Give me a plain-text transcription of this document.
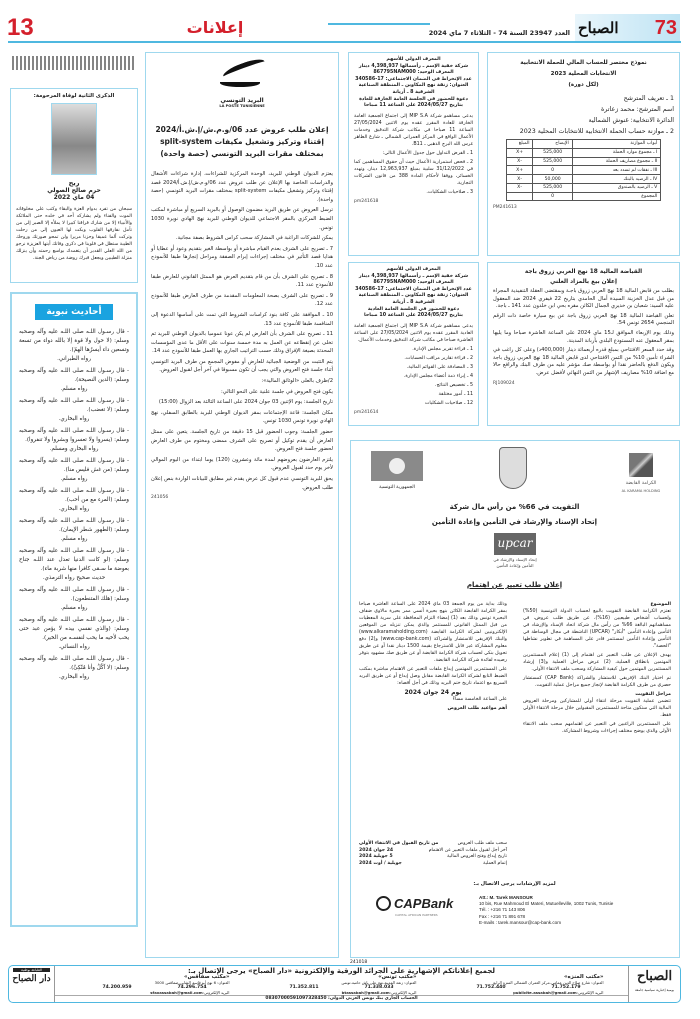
73
الصباح
العدد 23947 السنة 74 - الثلاثاء 7 ماي 2024
إعلانات
13
نموذج مختصر للحساب المالي للحملة الانتخابية
الانتخابات المحلية 2023
(لكل دورة)
1 ـ تعريف المترشح
اسم المترشح: محمد زعاترة
الدائرة الانتخابية: غنوش الشمالية
2 ـ موازنة حساب الحملة الانتخابية للانتخابات المحلية 2023
أبواب الموازنة	الإيضاح	المبلغ
I ـ مجموع موارد الحملة	525,000	+X
II ـ مجموع مصاريف الحملة	525,000	-X
III ـ نفقات لم تسدد بعد	0	+X
IV ـ الرصيد بالبنك	50,000	-X
V ـ الرصيد بالصندوق	525,000	-X
المجموع	0	
PM241613
القباضة المالية 18 نهج العربي زروق باجة
إعلان بيع بالمزاد العلني

بطلب من قابض المالية 18 نهج العربي زروق باجـة وبمقتضى العقلة التنفيذية المجراة من قبل عدل الخزينة السيدة أمال الحامدي بتاريخ 22 فيفري 2024 ضد المعقول عليه السيد: شعبان بن خذيري الجمال الكائن مقره بحي ابن خلدون عدد 141 ـ باجة.

تعلن القباضة المالية 18 نهج العربي زروق باجة عن بيع سيارة خاصة ذات الرقم المنجمي 2654 تونس 54.

وذلك يوم الإربعاء الموافق لـ15 ماي 2024 على الساعة العاشرة صباحا وما يليها بمقر المعقول عنه المستودع البلدي بأربانة المدينة.

وقد حدد السعر الافتتاحي بمبلغ قدره أربعمائة دينار (400,000د) وعلى كل راغب في الشراء تأمين 10% من الثمن الافتتاحي لدى قابض المالية 18 نهج العربي زروق باجة ويكون الدفع بالحاضر نقدا أو بواسطة صك مؤشر عليه من طرف البنك والرافع حالا مع اضافة 10% مصاريف الإشهار من الثمن النهائي لأفضل عرض.

RJ109024

المعرف الدولي للأسهم

شركة خفية الإسم ـ رأسمالها 4,398,937 دينار

المعرف الوحيد: 867795NAM000

عدد الإنخراط في الضمان الاجتماعي: 17-340586

العنوان: زنقة نهج المكاوين ـ المنطقة الصناعية الشرقية 8 ـ أريانة

دعوة للحضور في الجلسة العامة الخارقة للعادة

بتاريخ 2024/05/27 على الساعة 11 صباحا

يدعى مساهمو شركة MIP S.A إلى اجتماع الجمعية العامة الخارقة للعادة المقرر عقده يوم الاثنين 27/05/2024 الساعة 11 صباحا في مكاتب شركة التدقيق وخدمات الأعمال الواقع في المركز العمراني الشمالي ـ شارع الطاهر غرس الله البرج الذهبي ـ B11.

1 ـ الفرض التداول حول جدول الأعمال التالي:

2 ـ فحص استمرارية الأعمال حيث أن حقوق المساهمين كما في 31/12/2022 سلبية بمبلغ 12,963,937 دينار، وتهدد الخسائر، ووفقا لأحكام المادة 388 من قانون الشركات التجارية.

3 ـ صلاحيات الشكليات.

pm241618

المعرف الدولي للأسهم

شركة خفية الإسم ـ رأسمالها 4,398,937 دينار

المعرف الوحيد: 867795NAM000

عدد الإنخراط في الضمان الاجتماعي: 17-340586

العنوان: زنقة نهج المكاوين ـ المنطقة الصناعية الشرقية 8 ـ أريانة

دعوة للحضور في الجلسة العامة العادية

بتاريخ 2024/05/27 على الساعة 10 صباحا

يدعى مساهمو شركة MIP S.A إلى اجتماع الجمعية العامة العادية المقرر عقده يوم الاثنين 27/05/2024 على الساعة العاشرة صباحا في مكاتب شركة التدقيق وخدمات الأعمال.

1 ـ قراءة تقرير مجلس الإدارة.

2 ـ قراءة تقارير مراقب الحسابات.

3 ـ المصادقة على القوائم المالية.

4 ـ إبراء ذمة أعضاء مجلس الإدارة.

5 ـ تخصيص النتائج.

11 ـ أمور مختلفة

12 ـ صلاحيات الشكليات

pm241614
الجمهورية التونسية
الكرامة القابضة
AL KARAMA HOLDING
التفويت في 66% من رأس مال شركة
إتحاد الإسناد والإرشاد في التأمين وإعادة التأمين
upcar
إتحاد الإسناد والإرشاد في التأمين وإعادة التأمين
إعلان طلب تعبير عن اهتمام
الموضوع

تعتزم الكرامة القابضة التفويت بالبيع لحساب الدولة التونسية (50%) ولحساب أشخاص طبيعيين (16%)، عن طريق طلب عروض، في مساهماتهم البالغة 66% من رأس مال شركة اتحاد الإسناد والإرشاد في التأمين وإعادة التأمين "أبكار" (UPCAR) الناشطة في مجال الوساطة في التأمين وإعادة التأمين لمستثمر قادر على المساهمة في تطوير نشاطها "الحصة".

يهدف الإعلان عن طلب التعبير عن اهتمام إلى (1) إعلام المستثمرين المهتمين بانطلاق العملية، (2) عرض مراحل العملية و(3) إرشاد المستثمرين المهتمين حول كيفية المشاركة وسحب ملف الانتقاء الأولي.

تم اختيار البنك الإفريقي للاستشار والشراكة (CAP Bank) كمستشار حصري من طرف الكرامة القابضة لإنجاز جميع مراحل عملية التفويت.

مراحل التفويت

تتضمن عملية التفويت مرحلة انتقاء أولي للمشاركين ومرحلة العروض المالية التي ستكون متاحة للمستثمرين المقبولين خلال مرحلة الانتقاء الأولي فقط.

على المستثمرين الراغبين في التعبير عن اهتمامهم سحب ملف الانتقاء الأولي والذي يوضح مختلف إجراءات وشروط المشاركة.

وذلك بداية من يوم الجمعة 03 ماي 2024 على الساعة العاشرة صباحا بمقر الكرامة القابضة الكائن بنهج بحيرة أنسي ممر بحيرة مالاوي ضفاف البحيرة تونس وذلك بعد (1) إمضاء التزام المحافظة على سرية المعطيات من قبل الممثل القانوني للمستثمر والذي يمكن تنزيله من الموقعين الإلكترونيين لشركة الكرامة القابضة (www.alkaramaholding.com) والبنك الإفريقي للاستشار والشراكة (www.cap-bank.com) و(2) دفع معلوم المشاركة غير قابل للاسترجاع بقيمة 1500 دينار نقدا أو عن طريق تحويل بنكي لحساب شركة الكرامة القابضة أو عن طريق صك مشهود بتوفر رصيده لفائدة شركة الكرامة القابضة.

على المستثمرين المهتمين إيداع ملفات التعبير عن الاهتمام مباشرة بمكتب الضبط التابع لشركة الكرامة القابضة مقابل وصل إيداع أو عن طريق البريد السريع مع اعتماد تاريخ ختم البريد وذلك في أجل أقصاه:

يوم 24 جوان 2024

على الساعة الخامسة مساءً

أهم مواعيد طلب العروض
سحب ملف طلب العروض
من تاريخ القبول في الانتقاء الأولي
آخر أجل لقبول ملفات التعبير عن الاهتمام
24 جوان 2024
تاريخ إيداع وفتح العروض المالية
5 جويلية 2024
إتمام العملية
جويلية / أوت 2024
لمزيد الإرشادات يرجى الاتصال بـ:
CAPBank
CAPITAL AFRICAN PARTNERS
Att.: M. Tarek MANSOUR
10 bis, Rue Mahmoud El Materi, Mutuelleville, 1002 Tunis, Tunisie
Tél. : +216 71 143 806
Fax : +216 71 891 678
E-mails : tarek.mansour@cap-bank.com
241018
البريد التونسي
LA POSTE TUNISIENNE
إعلان طلب عروض عدد 06/و.م.ش/إ.ش.أ/2024
إقتناء وتركيز وتشغيل مكيفات split-system
بمختلف مقرات البريد التونسي (حصة واحدة)

يعتزم الديوان الوطني للبريد، الوحدة المركزية للشراءات، إدارة شراءات الأشغال والدراسات الخاصة بها الإعلان عن طلب عروض عدد 06/و.م.ش/إ.ش.أ/2024 قصد إقتناء وتركيز وتشغيل مكيفات split-system بمختلف مقرات البريد التونسي (حصة واحدة).

ترسل العروض عن طريق البريد مضمون الوصول أو بالبريد السريع أو مباشرة لمكتب الضبط المركزي بالمقر الاجتماعي للديوان الوطني للبريد نهج الهادي نويرة 1030 تونس.

يمكن للشركات الراغبة في المشاركة سحب كراس الشروط بصفة مجانية.

7 ـ تصريح على الشرف بعدم القيام مباشرة أو بواسطة الغير بتقديم وعود أو عطايا أو هدايا قصد التأثير في مختلف إجراءات إبرام الصفقة ومراحل إنجازها طبقا للأنموذج عدد 10.

8 ـ تصريح على الشرف بأن من قام بتقديم العرض هو الممثل القانوني للعارض طبقا للأنموذج عدد 11.

9 ـ تصريح على الشرف بصحة المعلومات المقدمة من طرف العارض طبقا للأنموذج عدد 12.

10 ـ الموافقة على كافة بنود كراسات الشروط التي تمت على أساسها الدعوة إلى المنافسة طبقا للأنموذج عدد 13.

11 ـ تصريح على الشرف بأن العارض لم يكن عونا عموميا بالديوان الوطني للبريد ثم تخلى عن إنقطاعه عن العمل به مدة خمسة سنوات على الأقل ما عدى المؤسسات المحدثة بصيغة الإفراق وذلك حسب التراتيب الجاري بها العمل طبقا للأنموذج عدد 14.

يتم التثبت من الوضعية الجبائية للعارض أو مفوض المجمع من طرف البريد التونسي أثناء جلسة فتح العروض والتي يجب أن تكون مسبوقا في آخر أجل لقبول العروض.

2/ظرف بالعلى «الوثائق المالية»:

يكون فتح العروض في جلسة علنية على النحو التالي:

تاريخ الجلسة: يوم الإثنين 03 جوان 2024 على الساعة الثالثة بعد الزوال (15:00)

مكان الجلسة: قاعة الإجتماعات بمقر الديوان الوطني للبريد بالطابق السفلي، نهج الهادي نويرة تونس 1030 تونس.

حضور الجلسة: وجوب الحضور قبل 15 دقيقة من تاريخ الجلسة. يتعين على ممثل العارض أن يقدم توكيل أو تصريح على الشرف ممضى ومختوم من طرف العارض لحضور جلسة فتح العروض.

يلتزم العارضون بعروضهم لمدة مائة وعشرون (120) يوما ابتداء من اليوم الموالي لأخر يوم حدد لقبول العروض.

يحق للبريد التونسي عدم قبول كل عرض يقدم غير مطابق للبيانات الواردة بنص إعلان طلب العروض.

241056
الذكرى الثانية لوفاة المرحومة:
ربح
حرم صالح الصولي
04 ماي 2022
سبحان من تفرد بدوام العزة والبقاء وكتب على مخلوقاته الموت والفناء ولم يشاركه أحد في خلده حتى الملائكة والأنبياء إلا من شارك فراقنا كبيرا لا يملأه إلا الصبر إلى من تأمل نفارقها القلوب وبكت لها العيون إلى من رحلت وتركت ألما عميقا وحزنا مريرا ولن تمحو صورتك وروحك الطيبة ستظل في قلوبنا في ذكرى وفاتك أيتها العزيزة نرجو من الله العلي القدير أن يتغمدك بواسع رحمته وأن ينزلك منزلة الطيبين ويجعل قبرك روضة من رياض الجنة.
أحاديث نبوية

- قال رسـول اللـه صلى اللـه عليه وآله وصحبه وسلم: (لا حول ولا قوة إلا بالله دواء من تسعة وتسعين داء أيسرُها الهمّ).

رواه الطبراني.

- قال رسـول اللـه صلى اللـه عليه وآله وصحبه وسلم: (الدين النصيحة).

رواه مسلم.

- قال رسـول اللـه صلى اللـه عليه وآله وصحبه وسلم: (لا تغضب).

رواه البخاري.

- قال رسـول اللـه صلى اللـه عليه وآله وصحبه وسلم: (يسروا ولا تعسروا وبشروا ولا تنفروا).

رواه البخاري ومسلم.

- قال رسـول اللـه صلى اللـه عليه وآله وصحبه وسلم: (من غش فليس منا).

رواه مسلم.

- قال رسـول اللـه صلى اللـه عليه وآله وصحبه وسلم: (المرء مع من أحب).

رواه البخاري.

- قال رسـول اللـه صلى اللـه عليه وآله وصحبه وسلم: (الطهور شطر الإيمان).

رواه مسلم.

- قال رسـول اللـه صلى اللـه عليه وآله وصحبه وسلم: (لو كانت الدنيا تعدل عند اللـه جناح بعوضة ما سـقى كافرا منها شربة ماء).

حديث صحيح رواه الترمذي.

- قال رسـول اللـه صلى اللـه عليه وآله وصحبه وسلم: (هلك المتنطعون).

رواه مسلم.

- قال رسـول اللـه صلى اللـه عليه وآله وصحبه وسلم: (والذي نفسي بيده لا يؤمن عبد حتى يحب لأخيه ما يحب لنفسـه من الخير).

رواه النسائي.

- قال رسـول اللـه صلى اللـه عليه وآله وصحبه وسلم: (لا آكُلُ وأنا مُتّكِئٌ).

رواه البخاري.

الصباح
يومية إخبارية سياسية جامعة
لجميع إعلاناتكم الإشهارية على الجرائد الورقية والإلكترونية «دار الصباح» يرجى الإتصال بـ:
«مكتب المنزه»
العنوان: شارع صلاح الدين عمامي-مركز العمران الشمالي المنزه الرابع
71.752.179
71.752.440
البريد الإلكتروني:publicite.assabah@gmail.com
«مكتب تونس»
العنوان: زنقة المدينة-نهج علي باش حامبة-تونس
71.338.033
71.352.811
البريد الإلكتروني:btassabah@gmail.com
«مكتب صفاقس»
العنوان: 6 نهج أبو قاسم الشابي-صفاقس 3000
74.296.754
74.200.959
البريد الإلكتروني:sfaxassabah@gmail.com
الحساب الجاري بنك تونس العربي الدولي: 08307000591097328450
الطباعة بوطنية
دار الصباح
